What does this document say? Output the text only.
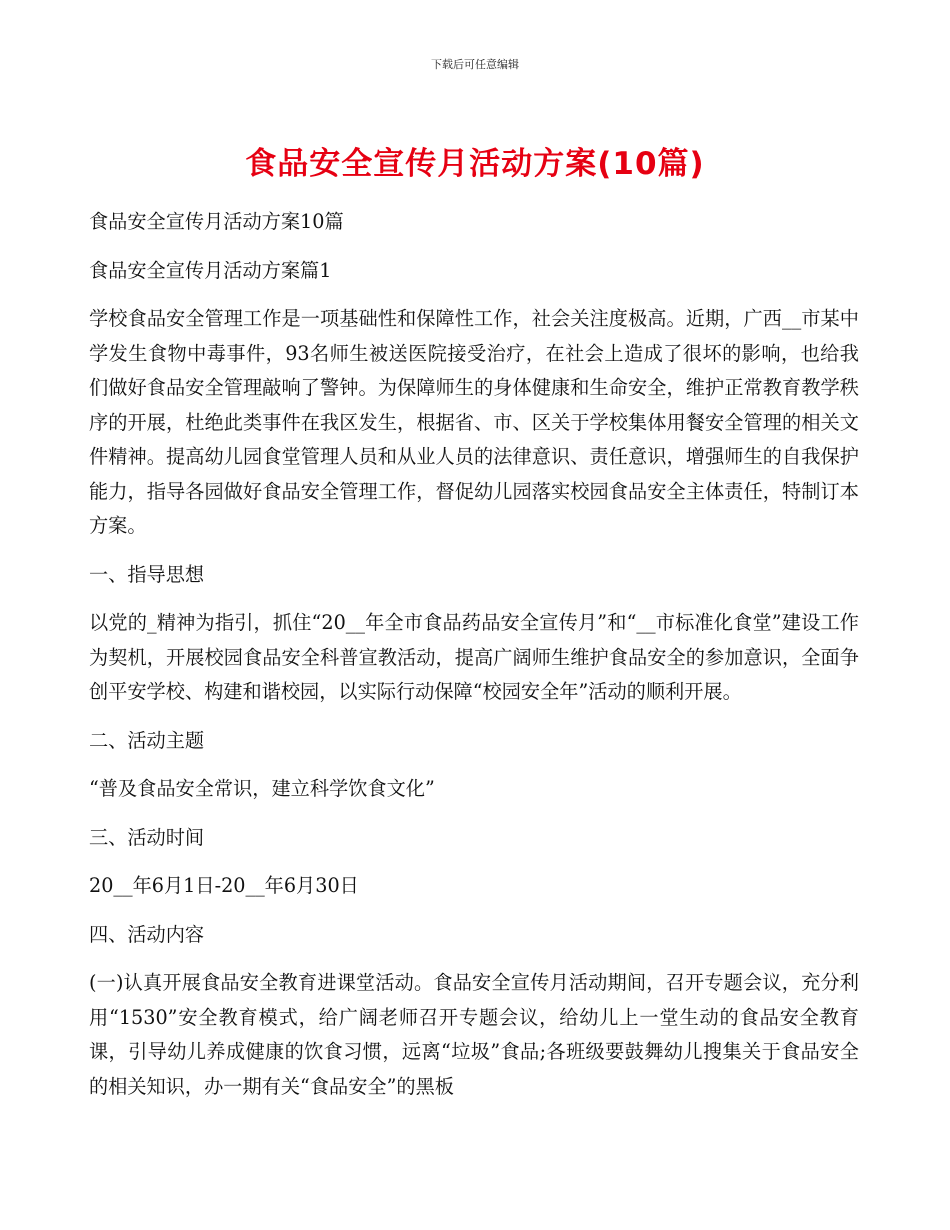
下载后可任意编辑
食品安全宣传月活动方案(10篇)

食品安全宣传月活动方案10篇

食品安全宣传月活动方案篇1

学校食品安全管理工作是一项基础性和保障性工作，社会关注度极高。近期，广西__市某中学发生食物中毒事件，93名师生被送医院接受治疗，在社会上造成了很坏的影响，也给我们做好食品安全管理敲响了警钟。为保障师生的身体健康和生命安全，维护正常教育教学秩序的开展，杜绝此类事件在我区发生，根据省、市、区关于学校集体用餐安全管理的相关文件精神。提高幼儿园食堂管理人员和从业人员的法律意识、责任意识，增强师生的自我保护能力，指导各园做好食品安全管理工作，督促幼儿园落实校园食品安全主体责任，特制订本方案。

一、指导思想

以党的_精神为指引，抓住“20__年全市食品药品安全宣传月”和“__市标准化食堂”建设工作为契机，开展校园食品安全科普宣教活动，提高广阔师生维护食品安全的参加意识，全面争创平安学校、构建和谐校园，以实际行动保障“校园安全年”活动的顺利开展。

二、活动主题

“普及食品安全常识，建立科学饮食文化”

三、活动时间

20__年6月1日-20__年6月30日

四、活动内容

(一)认真开展食品安全教育进课堂活动。食品安全宣传月活动期间，召开专题会议，充分利用“1530”安全教育模式，给广阔老师召开专题会议，给幼儿上一堂生动的食品安全教育课，引导幼儿养成健康的饮食习惯，远离“垃圾”食品;各班级要鼓舞幼儿搜集关于食品安全的相关知识，办一期有关“食品安全”的黑板
